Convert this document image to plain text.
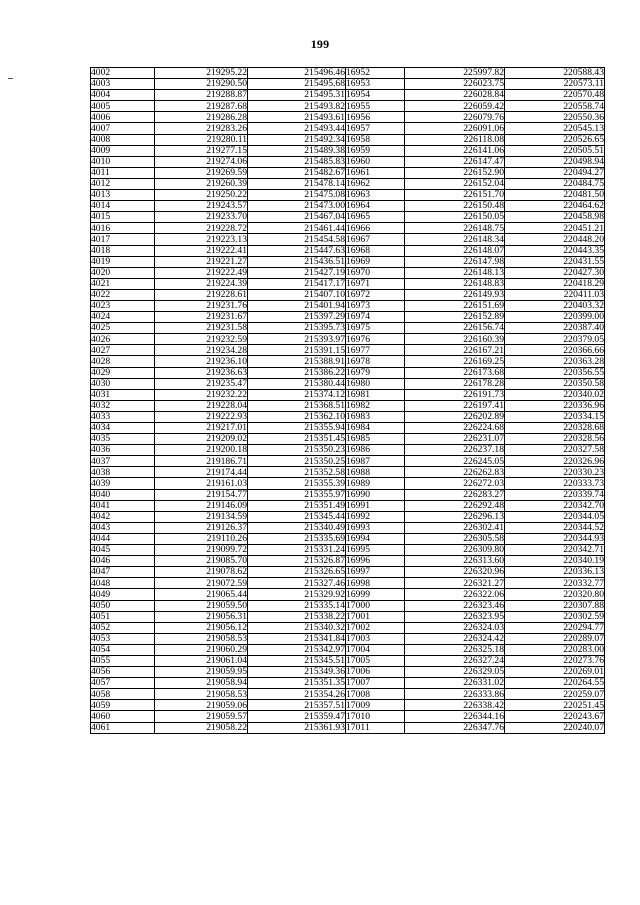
199
4002	219295.22	215496.46	16952	225997.82	220588.43
4003	219290.50	215495.68	16953	226023.75	220573.11
4004	219288.87	215495.31	16954	226028.84	220570.48
4005	219287.68	215493.82	16955	226059.42	220558.74
4006	219286.28	215493.61	16956	226079.76	220550.36
4007	219283.26	215493.44	16957	226091.06	220545.13
4008	219280.11	215492.34	16958	226118.08	220526.65
4009	219277.15	215489.38	16959	226141.06	220505.51
4010	219274.06	215485.83	16960	226147.47	220498.94
4011	219269.59	215482.67	16961	226152.90	220494.27
4012	219260.39	215478.14	16962	226152.04	220484.75
4013	219250.22	215475.08	16963	226151.70	220481.50
4014	219243.57	215473.00	16964	226150.48	220464.62
4015	219233.70	215467.04	16965	226150.05	220458.98
4016	219228.72	215461.44	16966	226148.75	220451.21
4017	219223.13	215454.58	16967	226148.34	220448.20
4018	219222.41	215447.63	16968	226148.07	220443.35
4019	219221.27	215436.51	16969	226147.98	220431.55
4020	219222.49	215427.19	16970	226148.13	220427.30
4021	219224.39	215417.17	16971	226148.83	220418.29
4022	219228.61	215407.10	16972	226149.93	220411.03
4023	219231.76	215401.94	16973	226151.69	220403.32
4024	219231.67	215397.29	16974	226152.89	220399.00
4025	219231.58	215395.73	16975	226156.74	220387.40
4026	219232.59	215393.97	16976	226160.39	220379.05
4027	219234.28	215391.15	16977	226167.21	220366.66
4028	219236.10	215388.91	16978	226169.25	220363.28
4029	219236.63	215386.22	16979	226173.68	220356.55
4030	219235.47	215380.44	16980	226178.28	220350.58
4031	219232.22	215374.12	16981	226191.73	220340.02
4032	219228.04	215368.51	16982	226197.41	220336.96
4033	219222.93	215362.10	16983	226202.89	220334.15
4034	219217.01	215355.94	16984	226224.68	220328.68
4035	219209.02	215351.45	16985	226231.07	220328.56
4036	219200.18	215350.23	16986	226237.18	220327.58
4037	219186.71	215350.25	16987	226245.05	220326.96
4038	219174.44	215352.58	16988	226262.83	220330.23
4039	219161.03	215355.39	16989	226272.03	220333.73
4040	219154.77	215355.97	16990	226283.27	220339.74
4041	219146.09	215351.49	16991	226292.48	220342.70
4042	219134.59	215345.44	16992	226296.13	220344.05
4043	219126.37	215340.49	16993	226302.41	220344.52
4044	219110.26	215335.69	16994	226305.58	220344.93
4045	219099.72	215331.24	16995	226309.80	220342.71
4046	219085.70	215326.87	16996	226313.60	220340.19
4047	219078.62	215326.65	16997	226320.96	220336.13
4048	219072.59	215327.46	16998	226321.27	220332.77
4049	219065.44	215329.92	16999	226322.06	220320.80
4050	219059.50	215335.14	17000	226323.46	220307.88
4051	219056.31	215338.22	17001	226323.95	220302.59
4052	219056.12	215340.32	17002	226324.03	220294.77
4053	219058.53	215341.84	17003	226324.42	220289.07
4054	219060.29	215342.97	17004	226325.18	220283.00
4055	219061.04	215345.51	17005	226327.24	220273.76
4056	219059.95	215349.36	17006	226329.05	220269.01
4057	219058.94	215351.35	17007	226331.02	220264.55
4058	219058.53	215354.26	17008	226333.86	220259.07
4059	219059.06	215357.51	17009	226338.42	220251.45
4060	219059.57	215359.47	17010	226344.16	220243.67
4061	219058.22	215361.93	17011	226347.76	220240.07
